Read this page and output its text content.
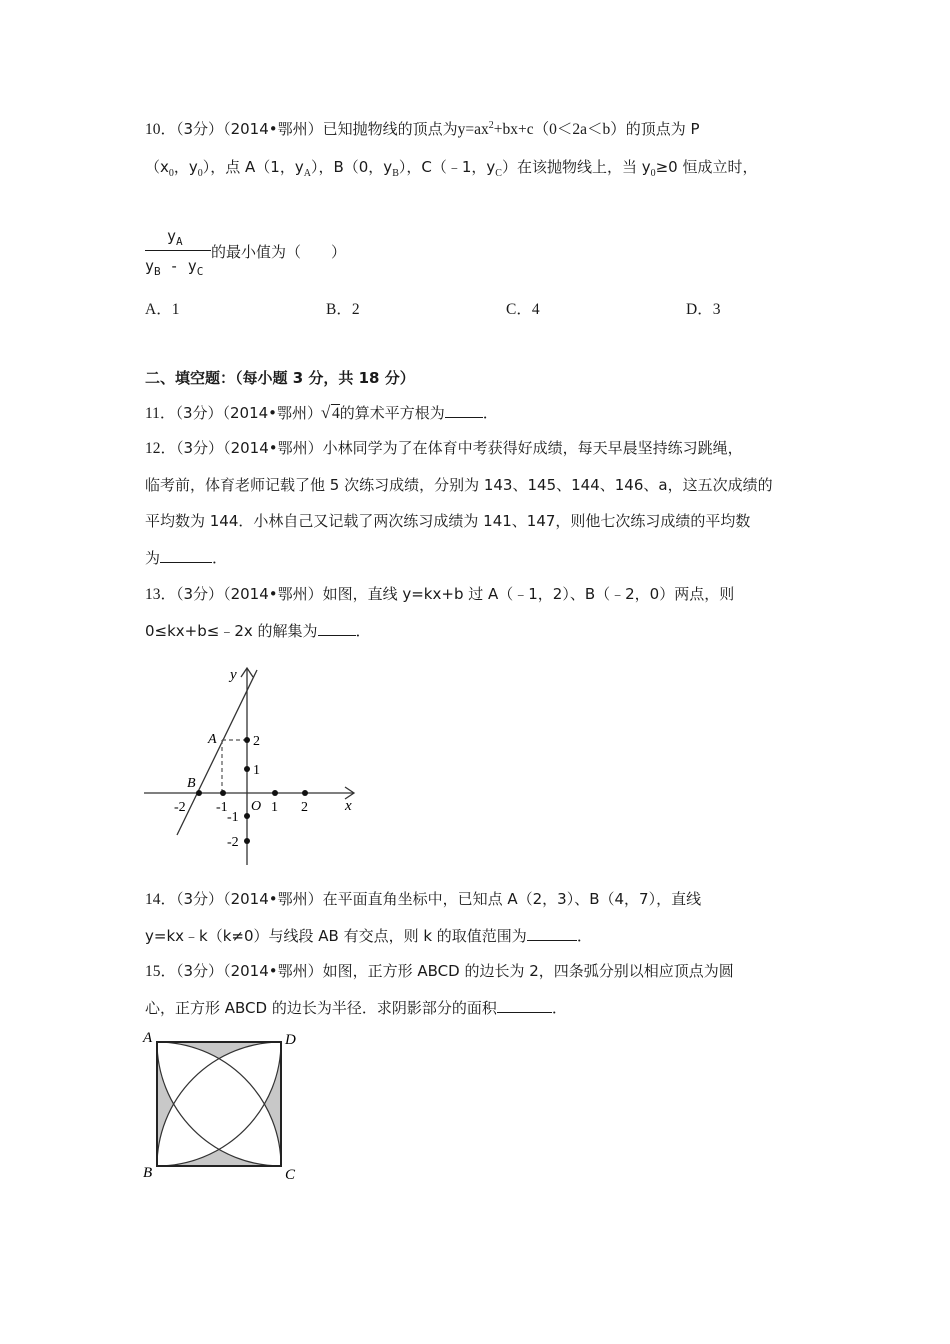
10．（3分）（2014•鄂州）已知抛物线的顶点为$y=ax^2+bx+c(0<2a<b)$的顶点为 P
（$x_0$，$y_0$），点 A（1，$y_A$），B（0，$y_B$），C（﹣1，$y_C$）在该抛物线上，当 $y_0\ge 0$ 恒成立时，
$y_A$
$y_B - y_C$
的最小值为（　　）
A．1	B．2	C．4	D．3
二、填空题：（每小题 3 分，共 18 分）
11．（3分）（2014•鄂州） √ 4的算术平方根为 ．
12．（3分）（2014•鄂州）小林同学为了在体育中考获得好成绩，每天早晨坚持练习跳绳，
临考前，体育老师记载了他 5 次练习成绩，分别为 143、145、144、146、a，这五次成绩的
平均数为 144．小林自己又记载了两次练习成绩为 141、147，则他七次练习成绩的平均数
为	．
13．（3分）（2014•鄂州）如图，直线 y=kx+b 过 A（﹣1，2）、B（﹣2，0）两点，则
0≤kx+b≤﹣2x 的解集为 ．
y
x
O
A
B
-2 -1	1 2
2
1
-1
-2
14．（3分）（2014•鄂州）在平面直角坐标中，已知点 A（2，3）、B（4，7），直线
y=kx﹣k（k≠0）与线段 AB 有交点，则 k 的取值范围为	．
15．（3分）（2014•鄂州）如图，正方形 ABCD 的边长为 2，四条弧分别以相应顶点为圆
心，正方形 ABCD 的边长为半径．求阴影部分的面积	．
A	D
B	C
